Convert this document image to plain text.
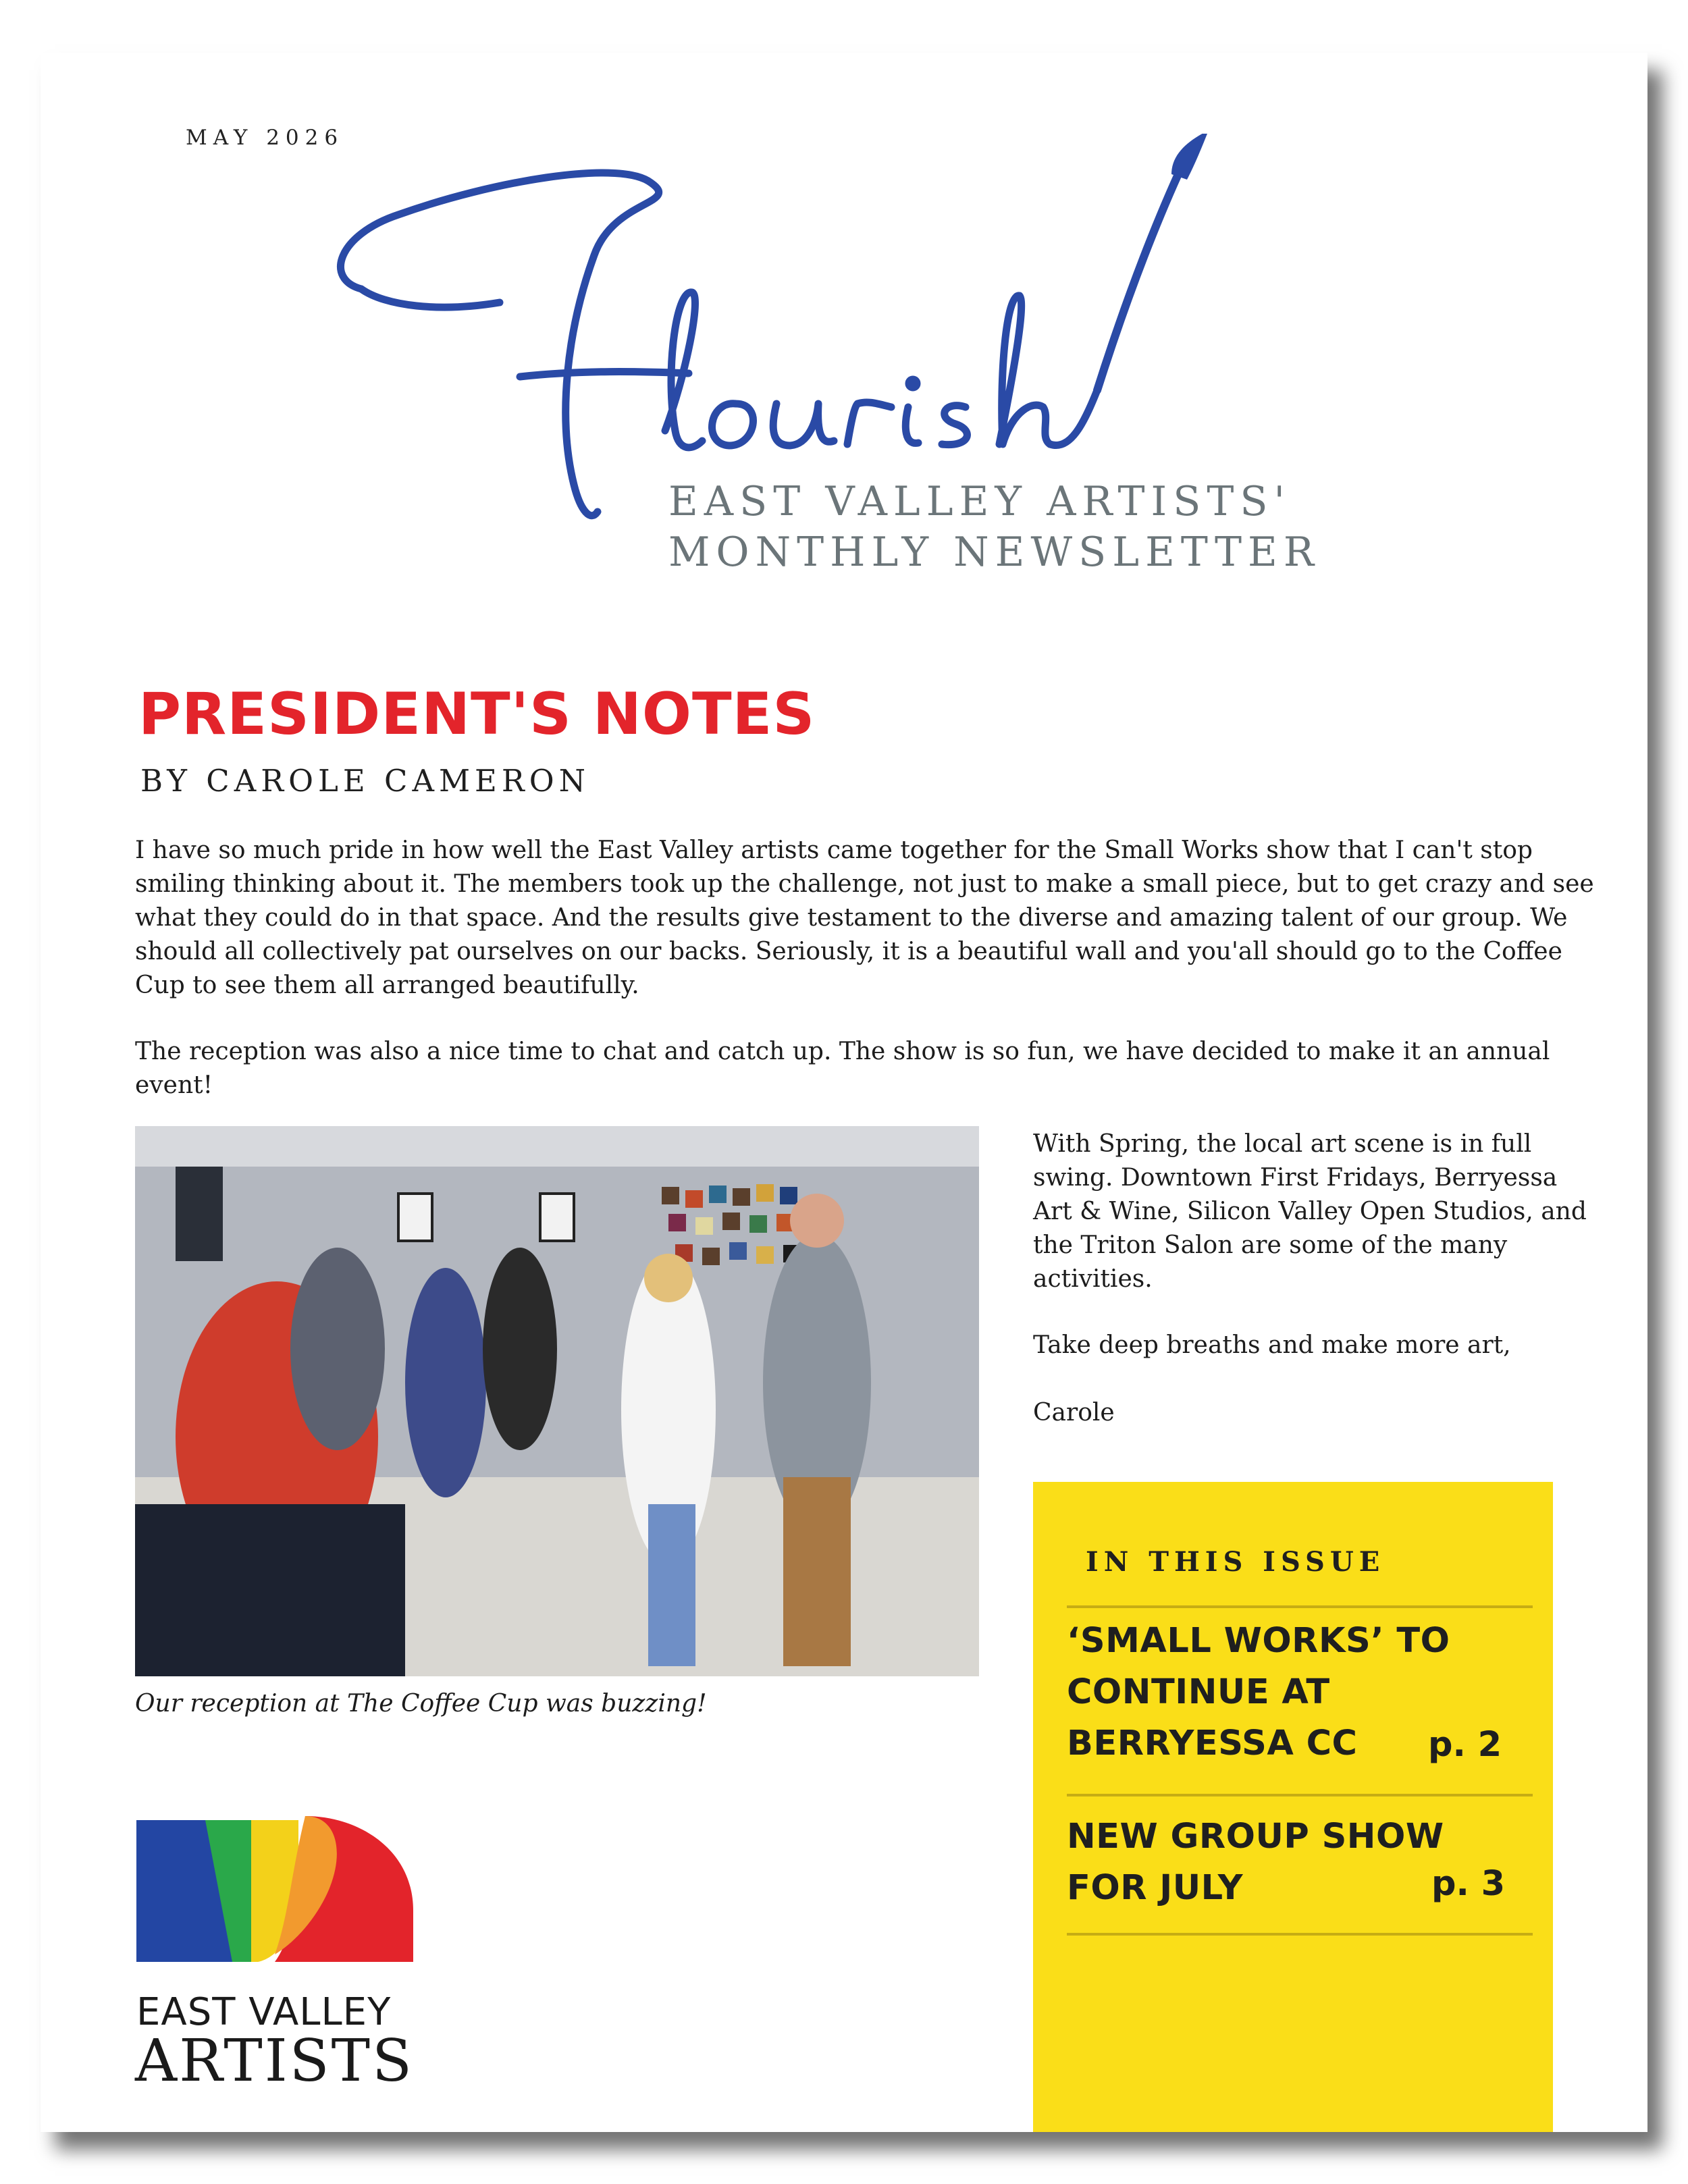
MAY 2026
EAST VALLEY ARTISTS'
MONTHLY NEWSLETTER
PRESIDENT'S NOTES
BY CAROLE CAMERON

I have so much pride in how well the East Valley artists came together for the Small Works show that I can't stop smiling thinking about it. The members took up the challenge, not just to make a small piece, but to get crazy and see what they could do in that space. And the results give testament to the diverse and amazing talent of our group. We should all collectively pat ourselves on our backs. Seriously, it is a beautiful wall and you'all should go to the Coffee Cup to see them all arranged beautifully.

The reception was also a nice time to chat and catch up. The show is so fun, we have decided to make it an annual event!

Our reception at The Coffee Cup was buzzing!

With Spring, the local art scene is in full swing. Downtown First Fridays, Berryessa Art & Wine, Silicon Valley Open Studios, and the Triton Salon are some of the many activities.

Take deep breaths and make more art,

Carole

IN THIS ISSUE
‘SMALL WORKS’ TO
CONTINUE AT
BERRYESSA CC p. 2
NEW GROUP SHOW
FOR JULY	p. 3
EAST VALLEY
ARTISTS
